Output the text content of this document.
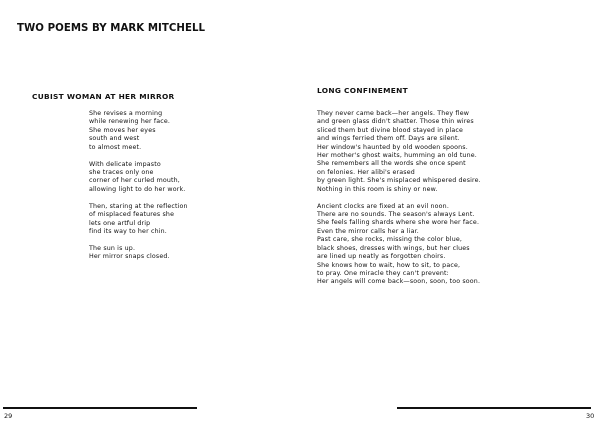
TWO POEMS BY MARK MITCHELL
CUBIST WOMAN AT HER MIRROR

She revises a morning
while renewing her face.
She moves her eyes
south and west
to almost meet.

With delicate impasto
she traces only one
corner of her curled mouth,
allowing light to do her work.

Then, staring at the reflection
of misplaced features she
lets one artful drip
find its way to her chin.

The sun is up.
Her mirror snaps closed.

29
LONG CONFINEMENT

They never came back—her angels. They flew
and green glass didn't shatter. Those thin wires
sliced them but divine blood stayed in place
and wings ferried them off. Days are silent.
Her window's haunted by old wooden spoons.
Her mother's ghost waits, humming an old tune.
She remembers all the words she once spent
on felonies. Her alibi's erased
by green light. She's misplaced whispered desire.
Nothing in this room is shiny or new.

Ancient clocks are fixed at an evil noon.
There are no sounds. The season's always Lent.
She feels falling shards where she wore her face.
Even the mirror calls her a liar.
Past care, she rocks, missing the color blue,
black shoes, dresses with wings, but her clues
are lined up neatly as forgotten choirs.
She knows how to wait, how to sit, to pace,
to pray. One miracle they can't prevent:
Her angels will come back—soon, soon, too soon.

30
